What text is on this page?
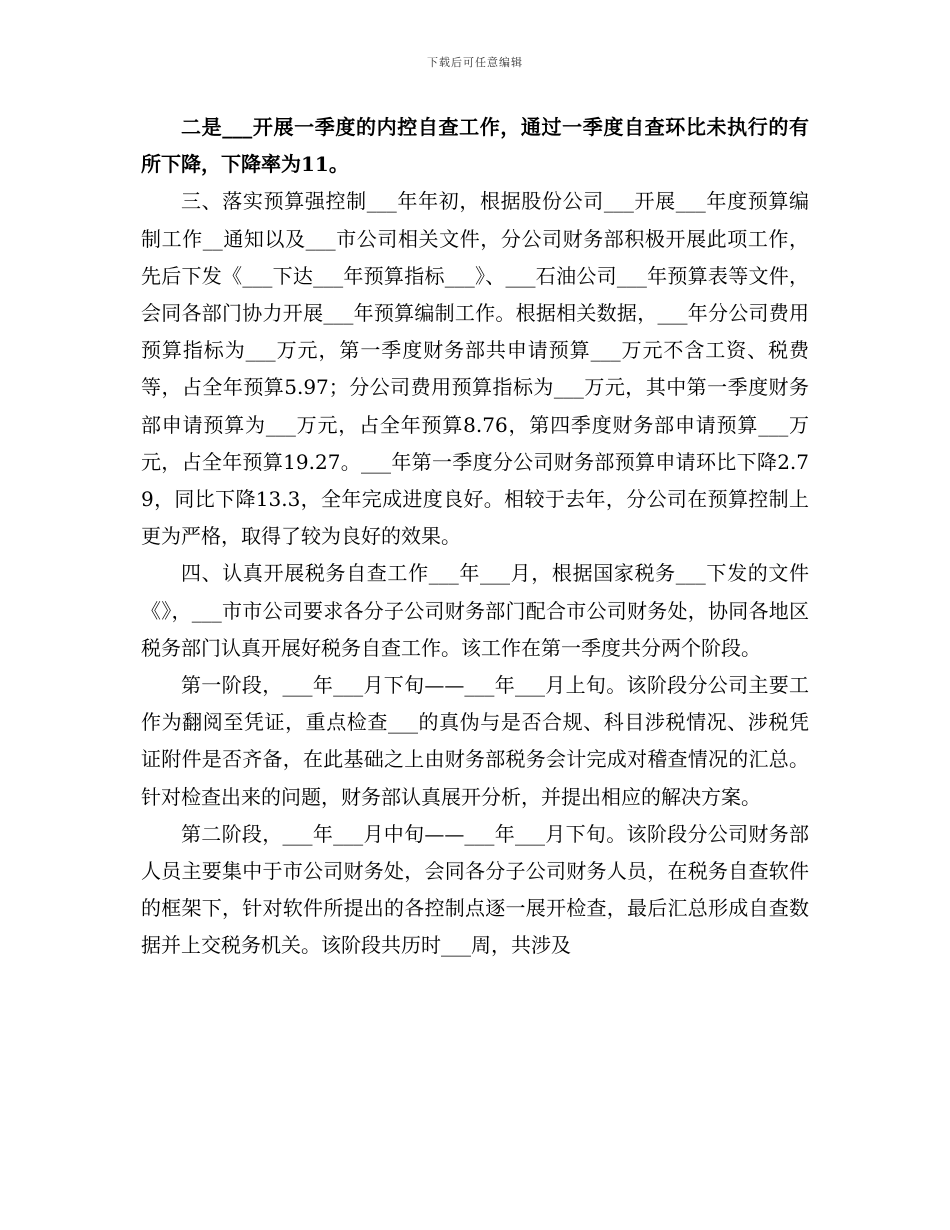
下载后可任意编辑

二是___开展一季度的内控自查工作，通过一季度自查环比未执行的有所下降，下降率为11。

三、落实预算强控制___年年初，根据股份公司___开展___年度预算编制工作__通知以及___市公司相关文件，分公司财务部积极开展此项工作，先后下发《___下达___年预算指标___》、___石油公司___年预算表等文件，会同各部门协力开展___年预算编制工作。根据相关数据，___年分公司费用预算指标为___万元，第一季度财务部共申请预算___万元不含工资、税费等，占全年预算5.97；分公司费用预算指标为___万元，其中第一季度财务部申请预算为___万元，占全年预算8.76，第四季度财务部申请预算___万元，占全年预算19.27。___年第一季度分公司财务部预算申请环比下降2.79，同比下降13.3，全年完成进度良好。相较于去年，分公司在预算控制上更为严格，取得了较为良好的效果。

四、认真开展税务自查工作___年___月，根据国家税务___下发的文件《》，___市市公司要求各分子公司财务部门配合市公司财务处，协同各地区税务部门认真开展好税务自查工作。该工作在第一季度共分两个阶段。

第一阶段，___年___月下旬——___年___月上旬。该阶段分公司主要工作为翻阅至凭证，重点检查___的真伪与是否合规、科目涉税情况、涉税凭证附件是否齐备，在此基础之上由财务部税务会计完成对稽查情况的汇总。针对检查出来的问题，财务部认真展开分析，并提出相应的解决方案。

第二阶段，___年___月中旬——___年___月下旬。该阶段分公司财务部人员主要集中于市公司财务处，会同各分子公司财务人员，在税务自查软件的框架下，针对软件所提出的各控制点逐一展开检查，最后汇总形成自查数据并上交税务机关。该阶段共历时___周，共涉及
